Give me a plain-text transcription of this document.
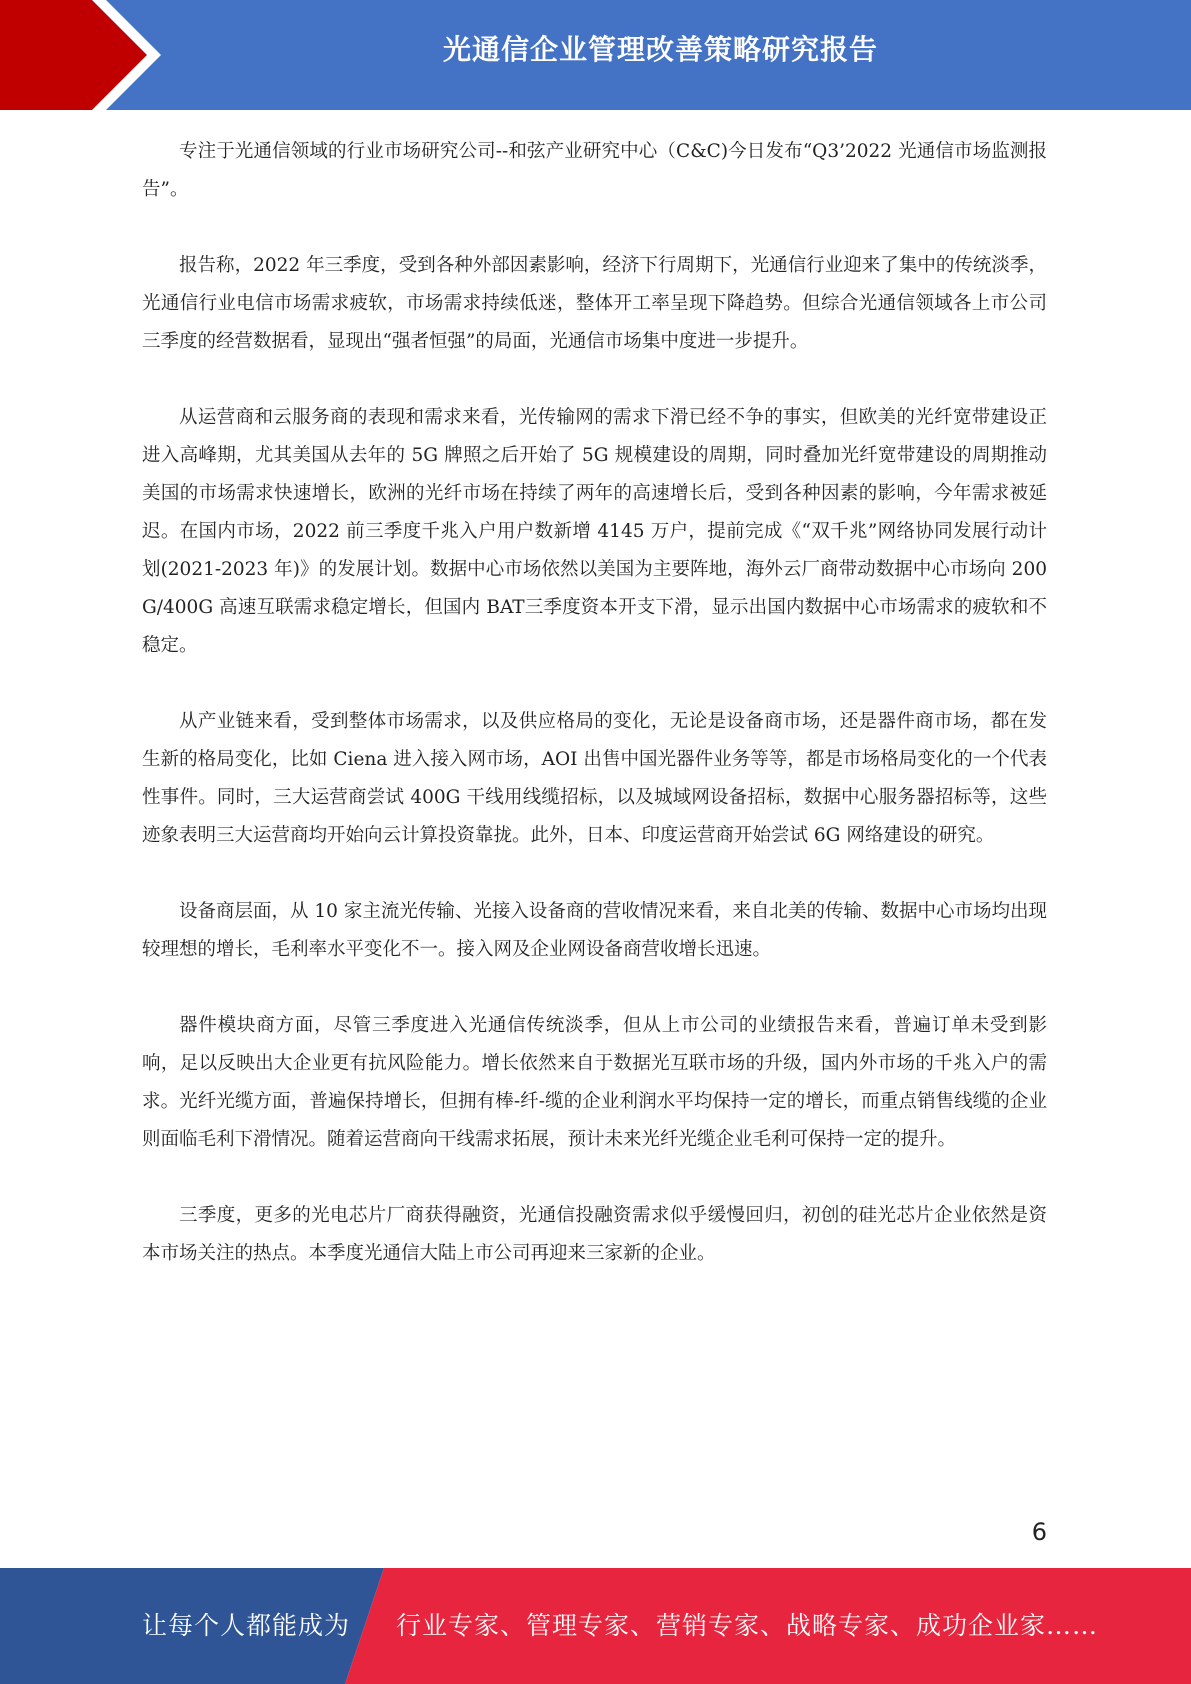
光通信企业管理改善策略研究报告

专注于光通信领域的行业市场研究公司--和弦产业研究中心（C&C)今日发布“Q3’2022 光通信市场监测报告”。

报告称，2022 年三季度，受到各种外部因素影响，经济下行周期下，光通信行业迎来了集中的传统淡季，光通信行业电信市场需求疲软，市场需求持续低迷，整体开工率呈现下降趋势。但综合光通信领域各上市公司三季度的经营数据看，显现出“强者恒强”的局面，光通信市场集中度进一步提升。

从运营商和云服务商的表现和需求来看，光传输网的需求下滑已经不争的事实，但欧美的光纤宽带建设正进入高峰期，尤其美国从去年的 5G 牌照之后开始了 5G 规模建设的周期，同时叠加光纤宽带建设的周期推动美国的市场需求快速增长，欧洲的光纤市场在持续了两年的高速增长后，受到各种因素的影响，今年需求被延迟。在国内市场，2022 前三季度千兆入户用户数新增 4145 万户，提前完成《“双千兆”网络协同发展行动计划(2021-2023 年)》的发展计划。数据中心市场依然以美国为主要阵地，海外云厂商带动数据中心市场向 200G/400G 高速互联需求稳定增长，但国内 BAT三季度资本开支下滑，显示出国内数据中心市场需求的疲软和不稳定。

从产业链来看，受到整体市场需求，以及供应格局的变化，无论是设备商市场，还是器件商市场，都在发生新的格局变化，比如 Ciena 进入接入网市场，AOI 出售中国光器件业务等等，都是市场格局变化的一个代表性事件。同时，三大运营商尝试 400G 干线用线缆招标，以及城域网设备招标，数据中心服务器招标等，这些迹象表明三大运营商均开始向云计算投资靠拢。此外，日本、印度运营商开始尝试 6G 网络建设的研究。

设备商层面，从 10 家主流光传输、光接入设备商的营收情况来看，来自北美的传输、数据中心市场均出现较理想的增长，毛利率水平变化不一。接入网及企业网设备商营收增长迅速。

器件模块商方面，尽管三季度进入光通信传统淡季，但从上市公司的业绩报告来看，普遍订单未受到影响，足以反映出大企业更有抗风险能力。增长依然来自于数据光互联市场的升级，国内外市场的千兆入户的需求。光纤光缆方面，普遍保持增长，但拥有棒-纤-缆的企业利润水平均保持一定的增长，而重点销售线缆的企业则面临毛利下滑情况。随着运营商向干线需求拓展，预计未来光纤光缆企业毛利可保持一定的提升。

三季度，更多的光电芯片厂商获得融资，光通信投融资需求似乎缓慢回归，初创的硅光芯片企业依然是资本市场关注的热点。本季度光通信大陆上市公司再迎来三家新的企业。

6
让每个人都能成为 行业专家、管理专家、营销专家、战略专家、成功企业家……
